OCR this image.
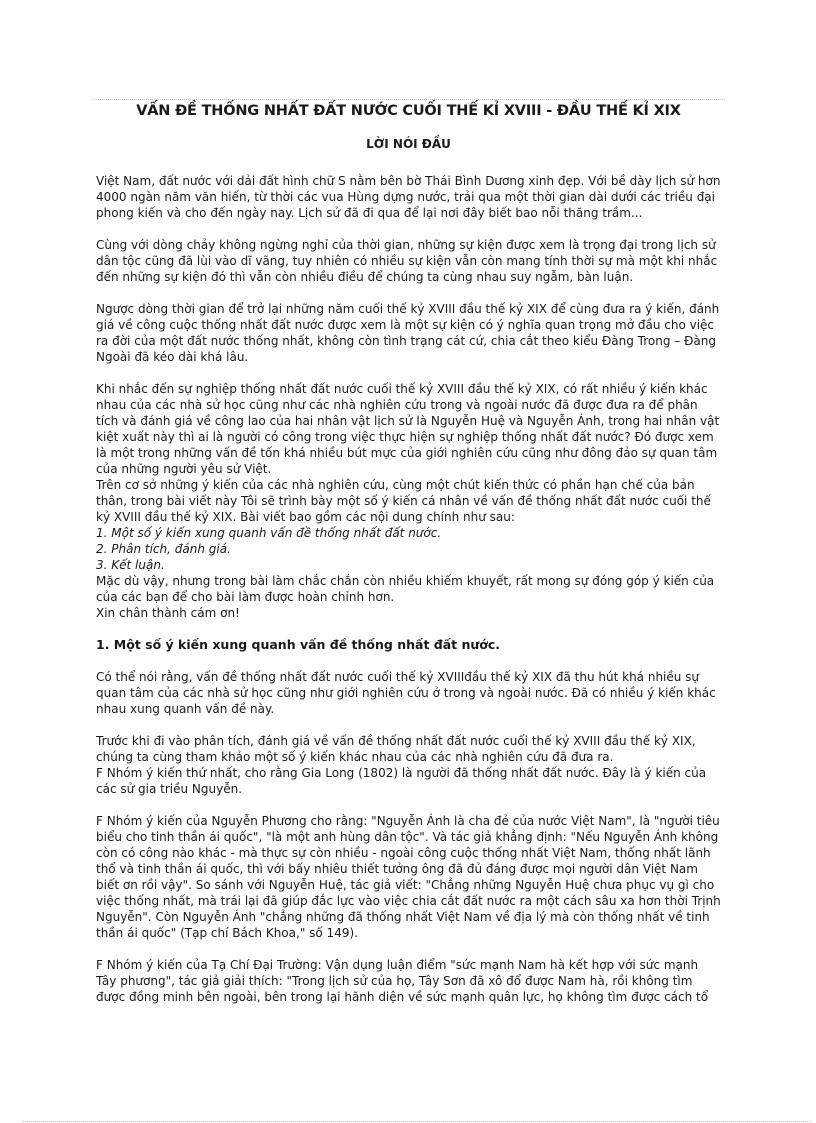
VẤN ĐỀ THỐNG NHẤT ĐẤT NƯỚC CUỐI THẾ KỈ XVIII - ĐẦU THẾ KỈ XIX
LỜI NÓI ĐẦU

Việt Nam, đất nước với dải đất hình chữ S nằm bên bờ Thái Bình Dương xinh đẹp. Với bề dày lịch sử hơn 4000 ngàn năm văn hiến, từ thời các vua Hùng dựng nước, trải qua một thời gian dài dưới các triều đại phong kiến và cho đến ngày nay. Lịch sử đã đi qua để lại nơi đây biết bao nỗi thăng trầm...

Cùng với dòng chảy không ngừng nghỉ của thời gian, những sự kiện được xem là trọng đại trong lịch sử dân tộc cũng đã lùi vào dĩ vãng, tuy nhiên có nhiều sự kiện vẫn còn mang tính thời sự mà một khi nhắc đến những sự kiện đó thì vẫn còn nhiều điều để chúng ta cùng nhau suy ngẫm, bàn luận.

Ngược dòng thời gian để trở lại những năm cuối thế kỷ XVIII đầu thế kỷ XIX để cùng đưa ra ý kiến, đánh giá về công cuộc thống nhất đất nước được xem là một sự kiện có ý nghĩa quan trọng mở đầu cho việc ra đời của một đất nước thống nhất, không còn tình trạng cát cứ, chia cắt theo kiểu Đàng Trong – Đàng Ngoài đã kéo dài khá lâu.

Khi nhắc đến sự nghiệp thống nhất đất nước cuối thế kỷ XVIII đầu thế kỷ XIX, có rất nhiều ý kiến khác nhau của các nhà sử học cũng như các nhà nghiên cứu trong và ngoài nước đã được đưa ra để phân tích và đánh giá về công lao của hai nhân vật lịch sử là Nguyễn Huệ và Nguyễn Ánh, trong hai nhân vật kiệt xuất này thì ai là người có công trong việc thực hiện sự nghiệp thống nhất đất nước? Đó được xem là một trong những vấn đề tốn khá nhiều bút mực của giới nghiên cứu cũng như đông đảo sự quan tâm của những người yêu sử Việt.

Trên cơ sở những ý kiến của các nhà nghiên cứu, cùng một chút kiến thức có phần hạn chế của bản thân, trong bài viết này Tôi sẽ trình bày một số ý kiến cá nhân về vấn đề thống nhất đất nước cuối thế kỷ XVIII đầu thế kỷ XIX. Bài viết bao gồm các nội dung chính như sau:

1. Một số ý kiến xung quanh vấn đề thống nhất đất nước.

2. Phân tích, đánh giá.

3. Kết luận.

Mặc dù vậy, nhưng trong bài làm chắc chắn còn nhiều khiếm khuyết, rất mong sự đóng góp ý kiến của của các bạn để cho bài làm được hoàn chỉnh hơn.

Xin chân thành cám ơn!

1. Một số ý kiến xung quanh vấn đề thống nhất đất nước.

Có thể nói rằng, vấn đề thống nhất đất nước cuối thế kỷ XVIIIđầu thế kỷ XIX đã thu hút khá nhiều sự quan tâm của các nhà sử học cũng như giới nghiên cứu ở trong và ngoài nước. Đã có nhiều ý kiến khác nhau xung quanh vấn đề này.

Trước khi đi vào phân tích, đánh giá về vấn đề thống nhất đất nước cuối thế kỷ XVIII đầu thế kỷ XIX, chúng ta cùng tham khảo một số ý kiến khác nhau của các nhà nghiên cứu đã đưa ra.

F Nhóm ý kiến thứ nhất, cho rằng Gia Long (1802) là người đã thống nhất đất nước. Đây là ý kiến của các sử gia triều Nguyễn.

F Nhóm ý kiến của Nguyễn Phương cho rằng: "Nguyễn Ánh là cha đẻ của nước Việt Nam", là "người tiêu biểu cho tinh thần ái quốc", "là một anh hùng dân tộc". Và tác giả khẳng định: "Nếu Nguyễn Ánh không còn có công nào khác - mà thực sự còn nhiều - ngoài công cuộc thống nhất Việt Nam, thống nhất lãnh thổ và tinh thần ái quốc, thì với bấy nhiêu thiết tưởng ông đã đủ đáng được mọi người dân Việt Nam biết ơn rồi vậy". So sánh với Nguyễn Huệ, tác giả viết: "Chẳng những Nguyễn Huệ chưa phục vụ gì cho việc thống nhất, mà trái lại đã giúp đắc lực vào việc chia cắt đất nước ra một cách sâu xa hơn thời Trịnh Nguyễn". Còn Nguyễn Ánh "chẳng những đã thống nhất Việt Nam về địa lý mà còn thống nhất về tinh thần ái quốc" (Tạp chí Bách Khoa," số 149).

F Nhóm ý kiến của Tạ Chí Đại Trường: Vận dụng luận điểm "sức mạnh Nam hà kết hợp với sức mạnh Tây phương", tác giả giải thích: "Trong lịch sử của họ, Tây Sơn đã xô đổ được Nam hà, rồi không tìm được đồng minh bên ngoài, bên trong lại hãnh diện về sức mạnh quân lực, họ không tìm được cách tổ
